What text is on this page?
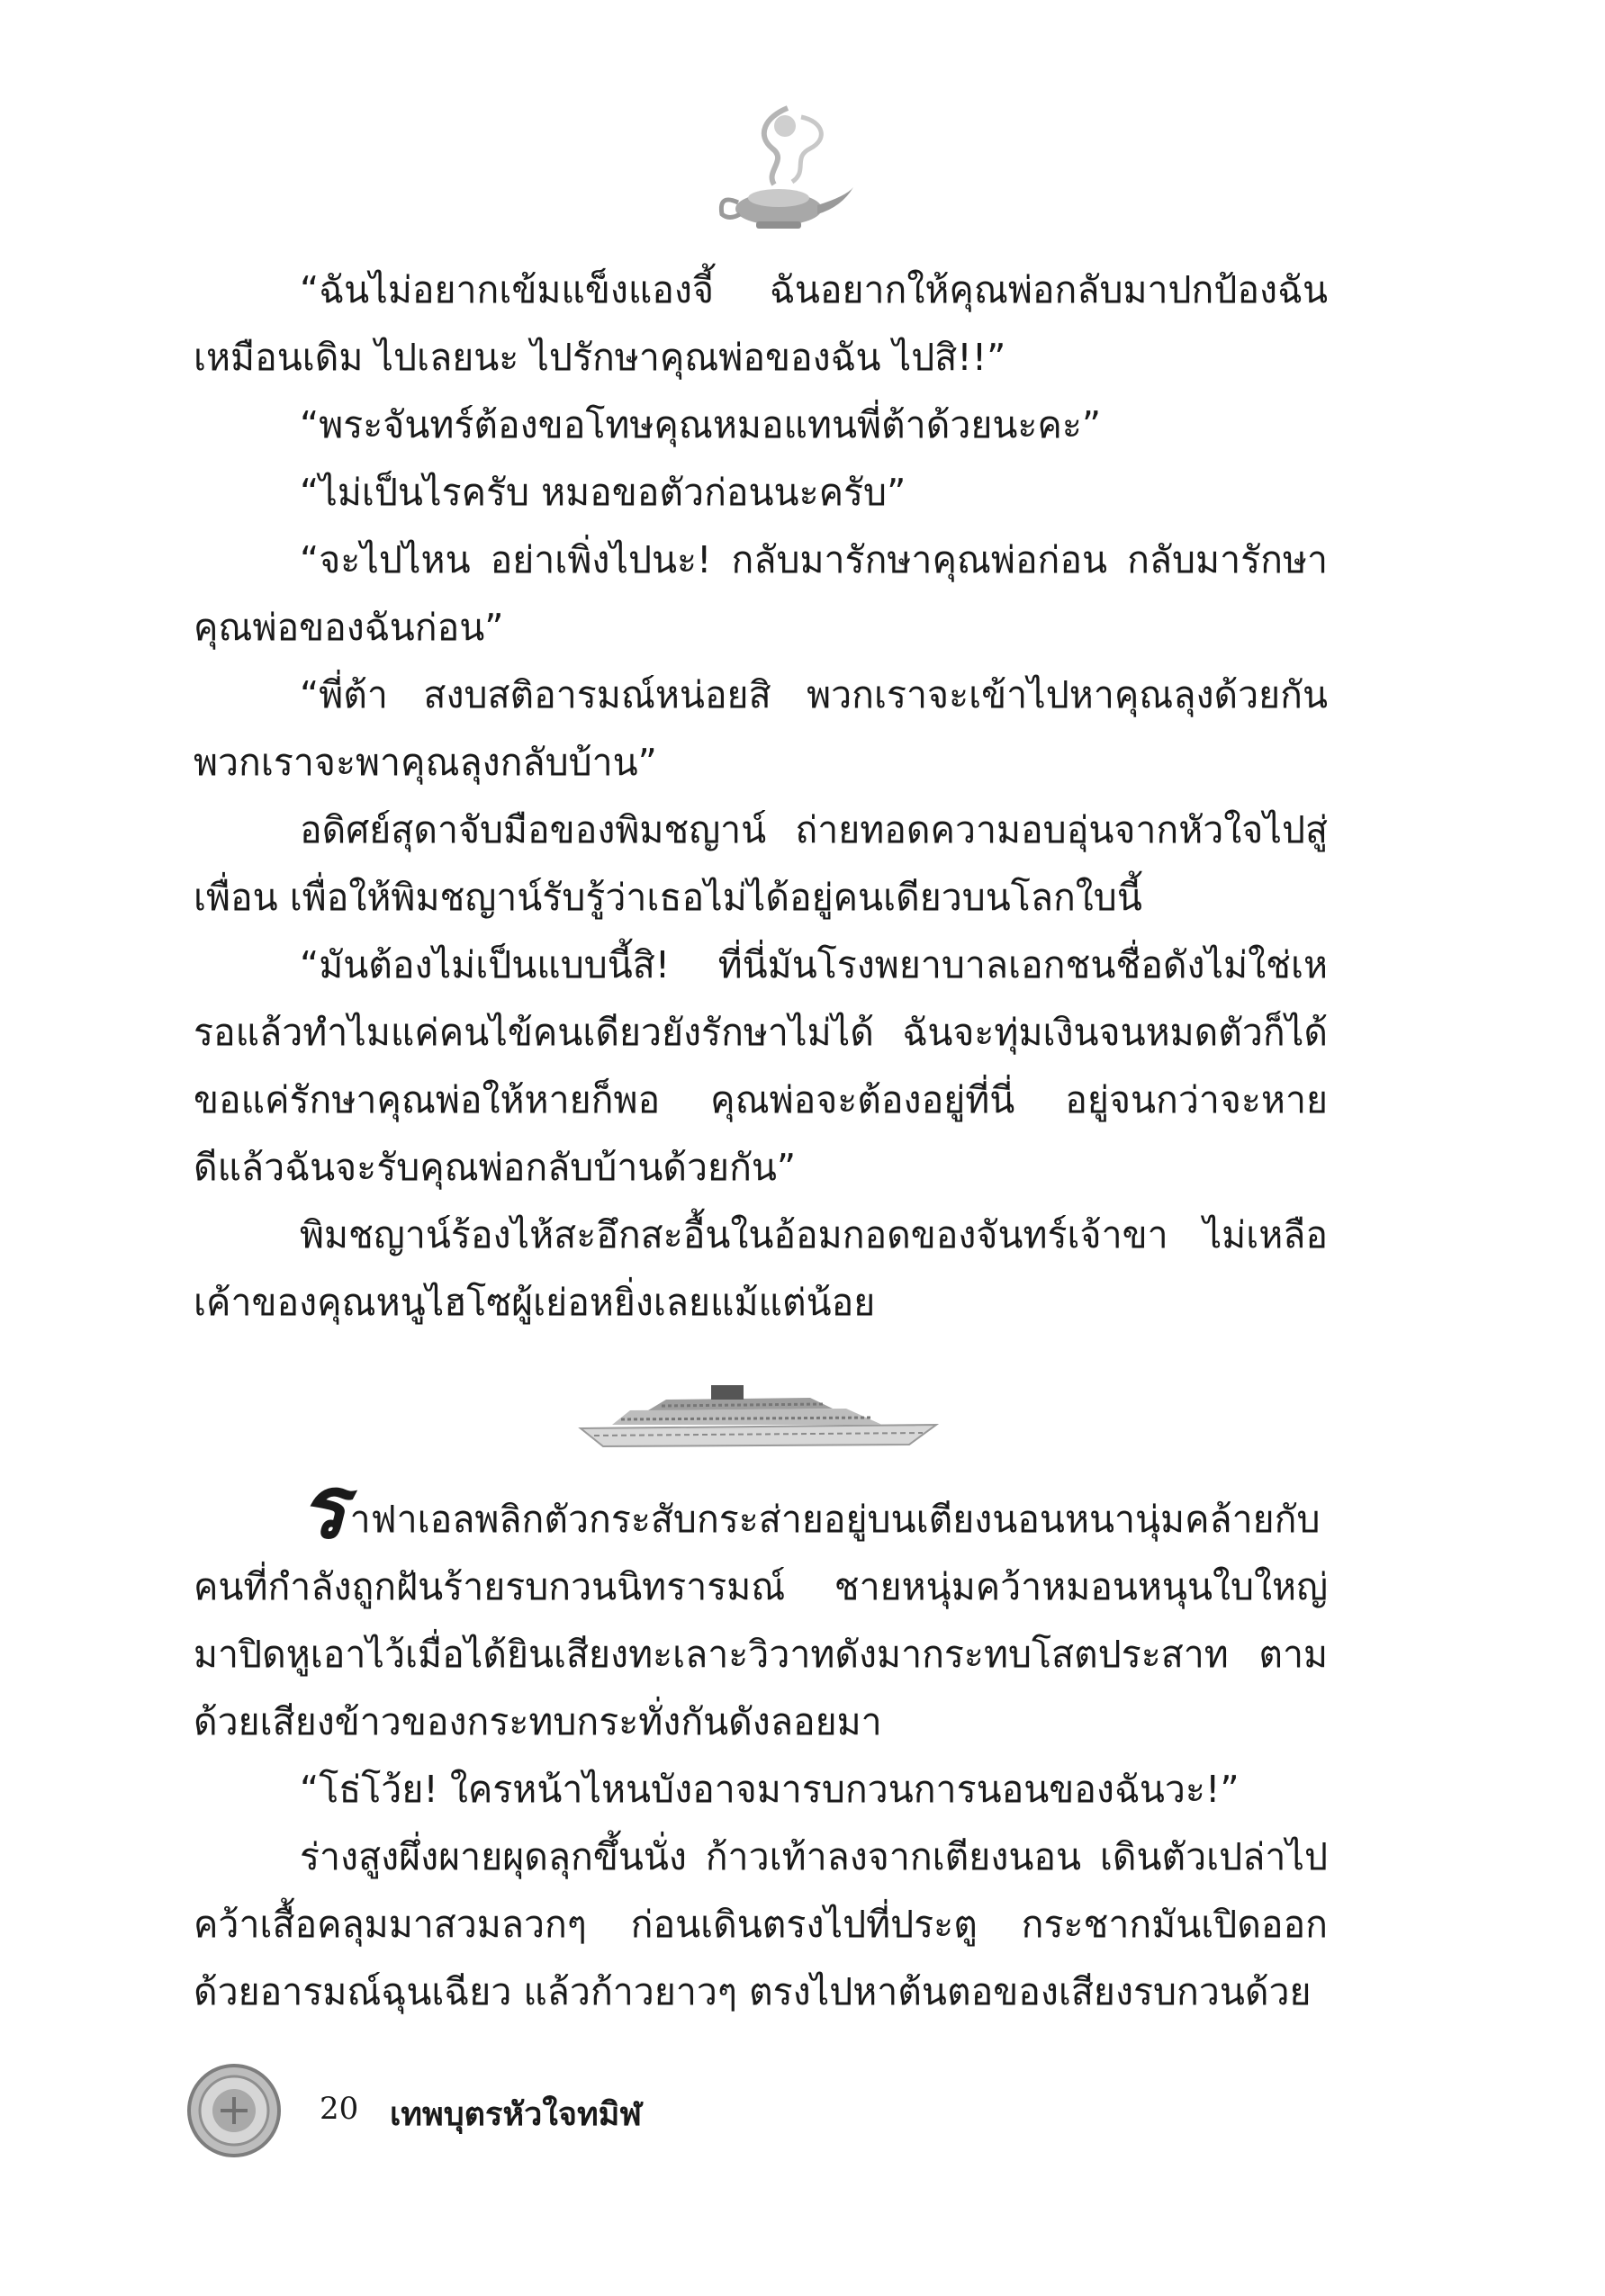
“ฉันไม่อยากเข้มแข็งแองจี้ ฉันอยากให้คุณพ่อกลับมาปกป้องฉันเหมือนเดิม ไปเลยนะ ไปรักษาคุณพ่อของฉัน ไปสิ!!”

“พระจันทร์ต้องขอโทษคุณหมอแทนพี่ต้าด้วยนะคะ”

“ไม่เป็นไรครับ หมอขอตัวก่อนนะครับ”

“จะไปไหน อย่าเพิ่งไปนะ! กลับมารักษาคุณพ่อก่อน กลับมารักษาคุณพ่อของฉันก่อน”

“พี่ต้า สงบสติอารมณ์หน่อยสิ พวกเราจะเข้าไปหาคุณลุงด้วยกันพวกเราจะพาคุณลุงกลับบ้าน”

อดิศย์สุดาจับมือของพิมชญาน์ ถ่ายทอดความอบอุ่นจากหัวใจไปสู่เพื่อน เพื่อให้พิมชญาน์รับรู้ว่าเธอไม่ได้อยู่คนเดียวบนโลกใบนี้

“มันต้องไม่เป็นแบบนี้สิ! ที่นี่มันโรงพยาบาลเอกชนชื่อดังไม่ใช่เหรอแล้วทำไมแค่คนไข้คนเดียวยังรักษาไม่ได้ ฉันจะทุ่มเงินจนหมดตัวก็ได้ขอแค่รักษาคุณพ่อให้หายก็พอ คุณพ่อจะต้องอยู่ที่นี่ อยู่จนกว่าจะหายดีแล้วฉันจะรับคุณพ่อกลับบ้านด้วยกัน”

พิมชญาน์ร้องไห้สะอึกสะอื้นในอ้อมกอดของจันทร์เจ้าขา ไม่เหลือเค้าของคุณหนูไฮโซผู้เย่อหยิ่งเลยแม้แต่น้อย

ราฟาเอลพลิกตัวกระสับกระส่ายอยู่บนเตียงนอนหนานุ่มคล้ายกับคนที่กำลังถูกฝันร้ายรบกวนนิทรารมณ์ ชายหนุ่มคว้าหมอนหนุนใบใหญ่มาปิดหูเอาไว้เมื่อได้ยินเสียงทะเลาะวิวาทดังมากระทบโสตประสาท ตามด้วยเสียงข้าวของกระทบกระทั่งกันดังลอยมา

“โธ่โว้ย! ใครหน้าไหนบังอาจมารบกวนการนอนของฉันวะ!”

ร่างสูงผึ่งผายผุดลุกขึ้นนั่ง ก้าวเท้าลงจากเตียงนอน เดินตัวเปล่าไปคว้าเสื้อคลุมมาสวมลวกๆ ก่อนเดินตรงไปที่ประตู กระชากมันเปิดออกด้วยอารมณ์ฉุนเฉียว แล้วก้าวยาวๆ ตรงไปหาต้นตอของเสียงรบกวนด้วย

20 เทพบุตรหัวใจทมิฬ
